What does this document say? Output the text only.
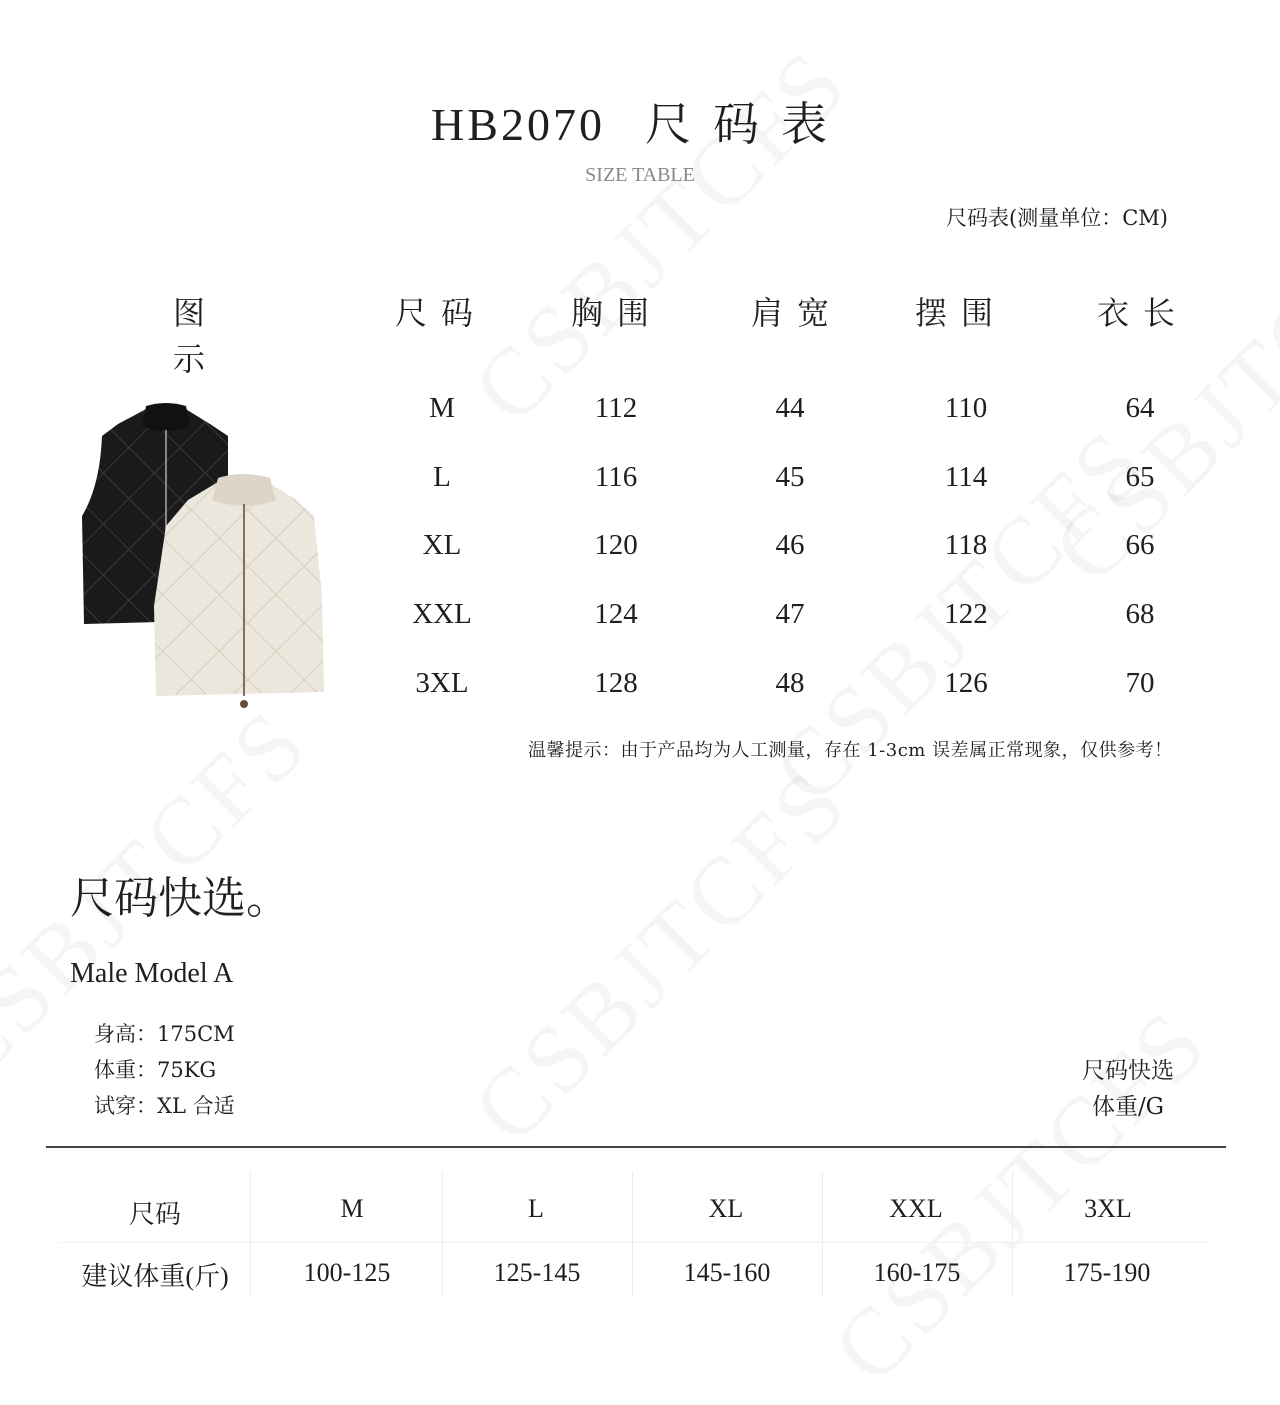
HB2070 尺码表
SIZE TABLE
尺码表(测量单位：CM)
图 示
尺码	胸围	肩宽	摆围	衣长
M	112	44	110	64
L	116	45	114	65
XL	120	46	118	66
XXL	124	47	122	68
3XL	128	48	126	70
温馨提示：由于产品均为人工测量，存在 1-3cm 误差属正常现象，仅供参考！
尺码快选。
Male Model A
身高：175CM
体重：75KG
试穿：XL 合适
尺码快选
体重/G
尺码	M	L	XL	XXL	3XL
建议体重(斤)	100-125	125-145	145-160	160-175	175-190
